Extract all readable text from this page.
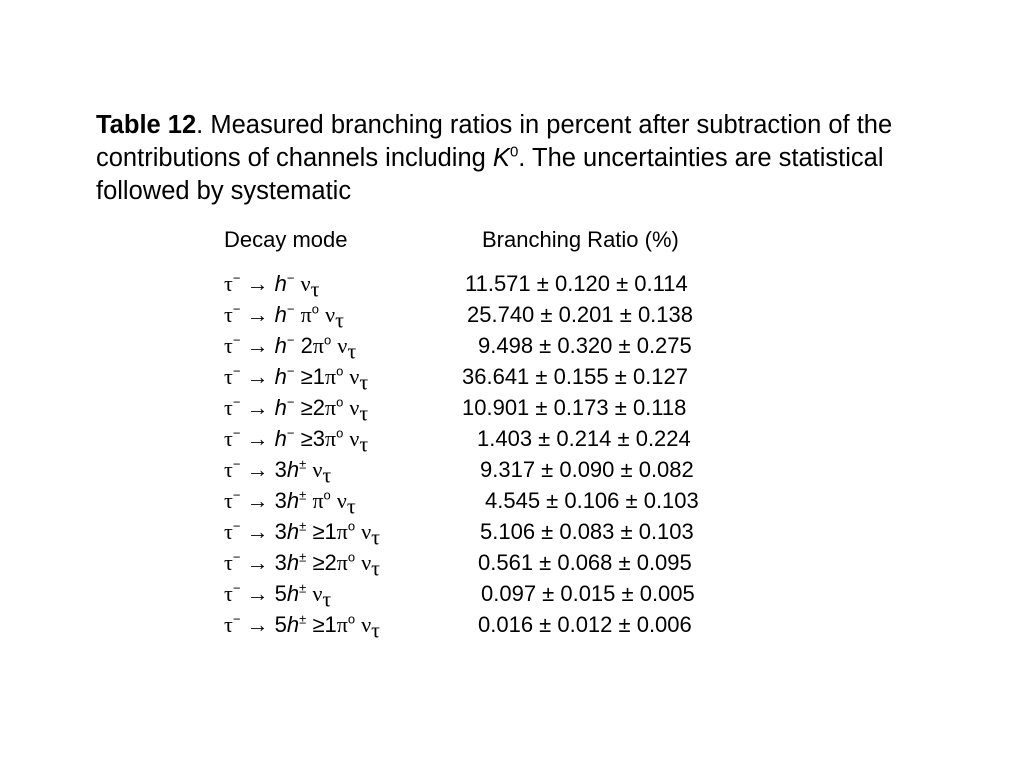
Table 12. Measured branching ratios in percent after subtraction of the contributions of channels including $K^0$. The uncertainties are statistical followed by systematic
Decay mode	Branching Ratio (%)
τ− → h− $\nu_\tau$	11.571 ± 0.120 ± 0.114
τ− → h− $\pi^o$ $\nu_\tau$	25.740 ± 0.201 ± 0.138
τ− → h− $2\pi^o$ $\nu_\tau$	9.498 ± 0.320 ± 0.275
$\tau^- \to h^- \ge 1\pi^o$ $\nu_\tau$	36.641 ± 0.155 ± 0.127
$\tau^- \to h^- \ge 2\pi^o$ $\nu_\tau$	10.901 ± 0.173 ± 0.118
$\tau^- \to h^- \ge 3\pi^o$ $\nu_\tau$	1.403 ± 0.214 ± 0.224
τ− → 3h± $\nu_\tau$	9.317 ± 0.090 ± 0.082
τ− → 3h± $\pi^o$ $\nu_\tau$	4.545 ± 0.106 ± 0.103
$\tau^- \to 3h^\pm \ge 1\pi^o$ $\nu_\tau$	5.106 ± 0.083 ± 0.103
$\tau^- \to 3h^\pm \ge 2\pi^o$ $\nu_\tau$	0.561 ± 0.068 ± 0.095
τ− → 5h± $\nu_\tau$	0.097 ± 0.015 ± 0.005
$\tau^- \to 5h^\pm \ge 1\pi^o$ $\nu_\tau$	0.016 ± 0.012 ± 0.006
